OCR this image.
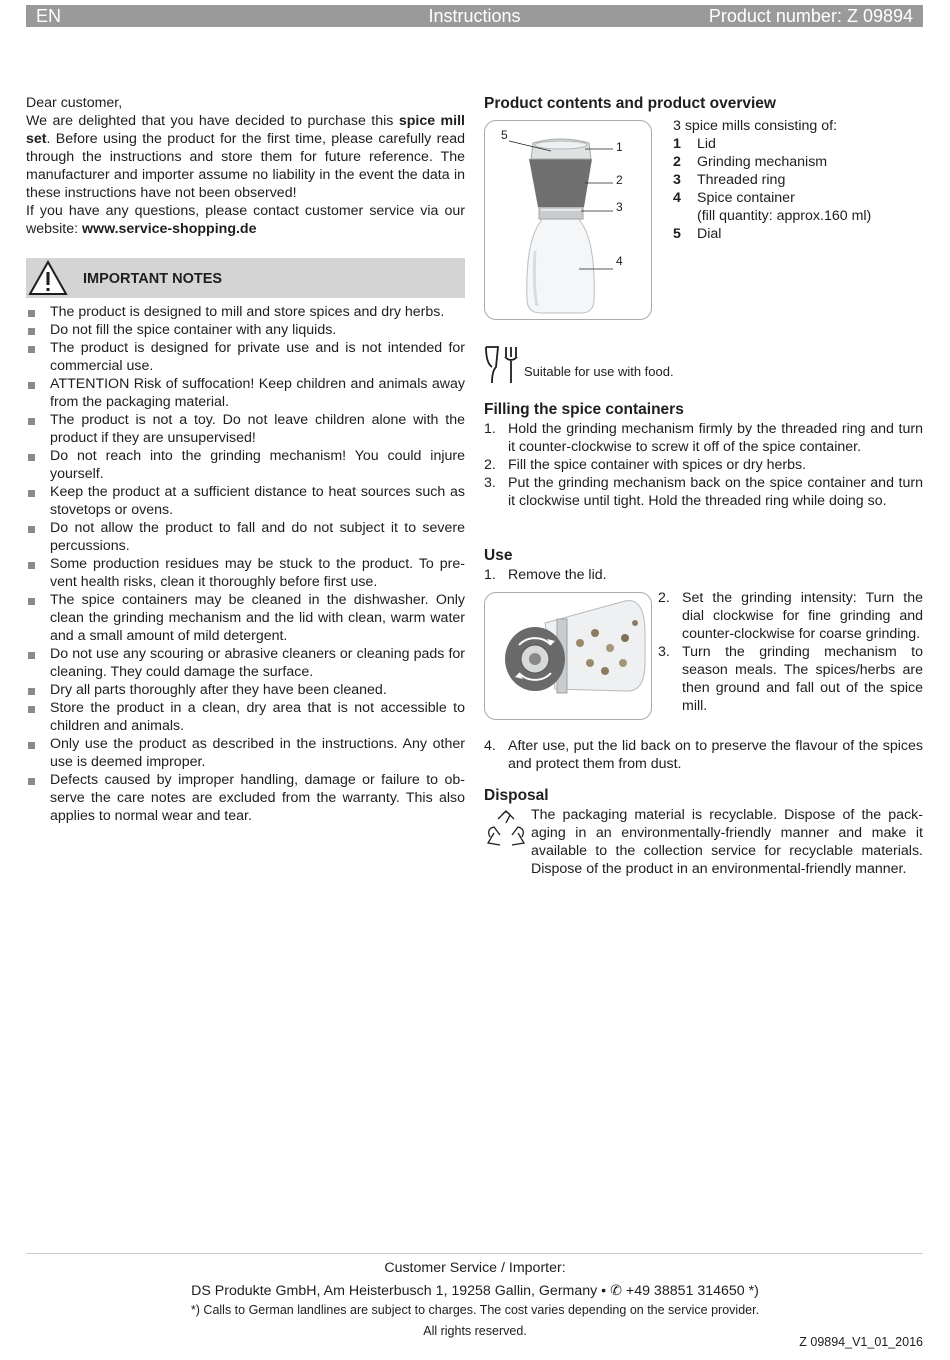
EN	Instructions	Product number: Z 09894

Dear customer,

We are delighted that you have decided to purchase this spice mill set. Before using the product for the first time, please carefully read through the instructions and store them for future reference. The manufacturer and importer assume no liability in the event the data in these instructions have not been observed!

If you have any questions, please contact customer service via our website: www.service-shopping.de

IMPORTANT NOTES
The product is designed to mill and store spices and dry herbs.
Do not fill the spice container with any liquids.
The product is designed for private use and is not intended for commercial use.
ATTENTION Risk of suffocation! Keep children and animals away from the packaging material.
The product is not a toy. Do not leave children alone with the product if they are unsupervised!
Do not reach into the grinding mechanism! You could injure yourself.
Keep the product at a sufficient distance to heat sources such as stovetops or ovens.
Do not allow the product to fall and do not subject it to severe percussions.
Some production residues may be stuck to the product. To prevent health risks, clean it thoroughly before first use.
The spice containers may be cleaned in the dishwasher. Only clean the grinding mechanism and the lid with clean, warm water and a small amount of mild detergent.
Do not use any scouring or abrasive cleaners or cleaning pads for cleaning. They could damage the surface.
Dry all parts thoroughly after they have been cleaned.
Store the product in a clean, dry area that is not accessible to children and animals.
Only use the product as described in the instructions. Any other use is deemed improper.
Defects caused by improper handling, damage or failure to observe the care notes are excluded from the warranty. This also applies to normal wear and tear.
Product contents and product overview
5
1
2
3
4

3 spice mills consisting of:

1 Lid
2 Grinding mechanism
3 Threaded ring
4 Spice container
(fill quantity: approx.160 ml)
5 Dial
Suitable for use with food.
Filling the spice containers
1. Hold the grinding mechanism firmly by the threaded ring and turn it counter-clockwise to screw it off of the spice container.
2. Fill the spice container with spices or dry herbs.
3. Put the grinding mechanism back on the spice container and turn it clockwise until tight. Hold the threaded ring while doing so.
Use
1. Remove the lid.
2. Set the grinding intensity: Turn the dial clockwise for fine grinding and counter-clockwise for coarse grinding.
3. Turn the grinding mechanism to season meals. The spices/herbs are then ground and fall out of the spice mill.
4. After use, put the lid back on to preserve the flavour of the spices and protect them from dust.
Disposal

The packaging material is recyclable. Dispose of the packaging in an environmentally-friendly manner and make it available to the collection service for recyclable materials. Dispose of the product in an environmental-friendly manner.

Customer Service / Importer:
DS Produkte GmbH, Am Heisterbusch 1, 19258 Gallin, Germany • ✆ +49 38851 314650 *)
*) Calls to German landlines are subject to charges. The cost varies depending on the service provider.
All rights reserved.
Z 09894_V1_01_2016
